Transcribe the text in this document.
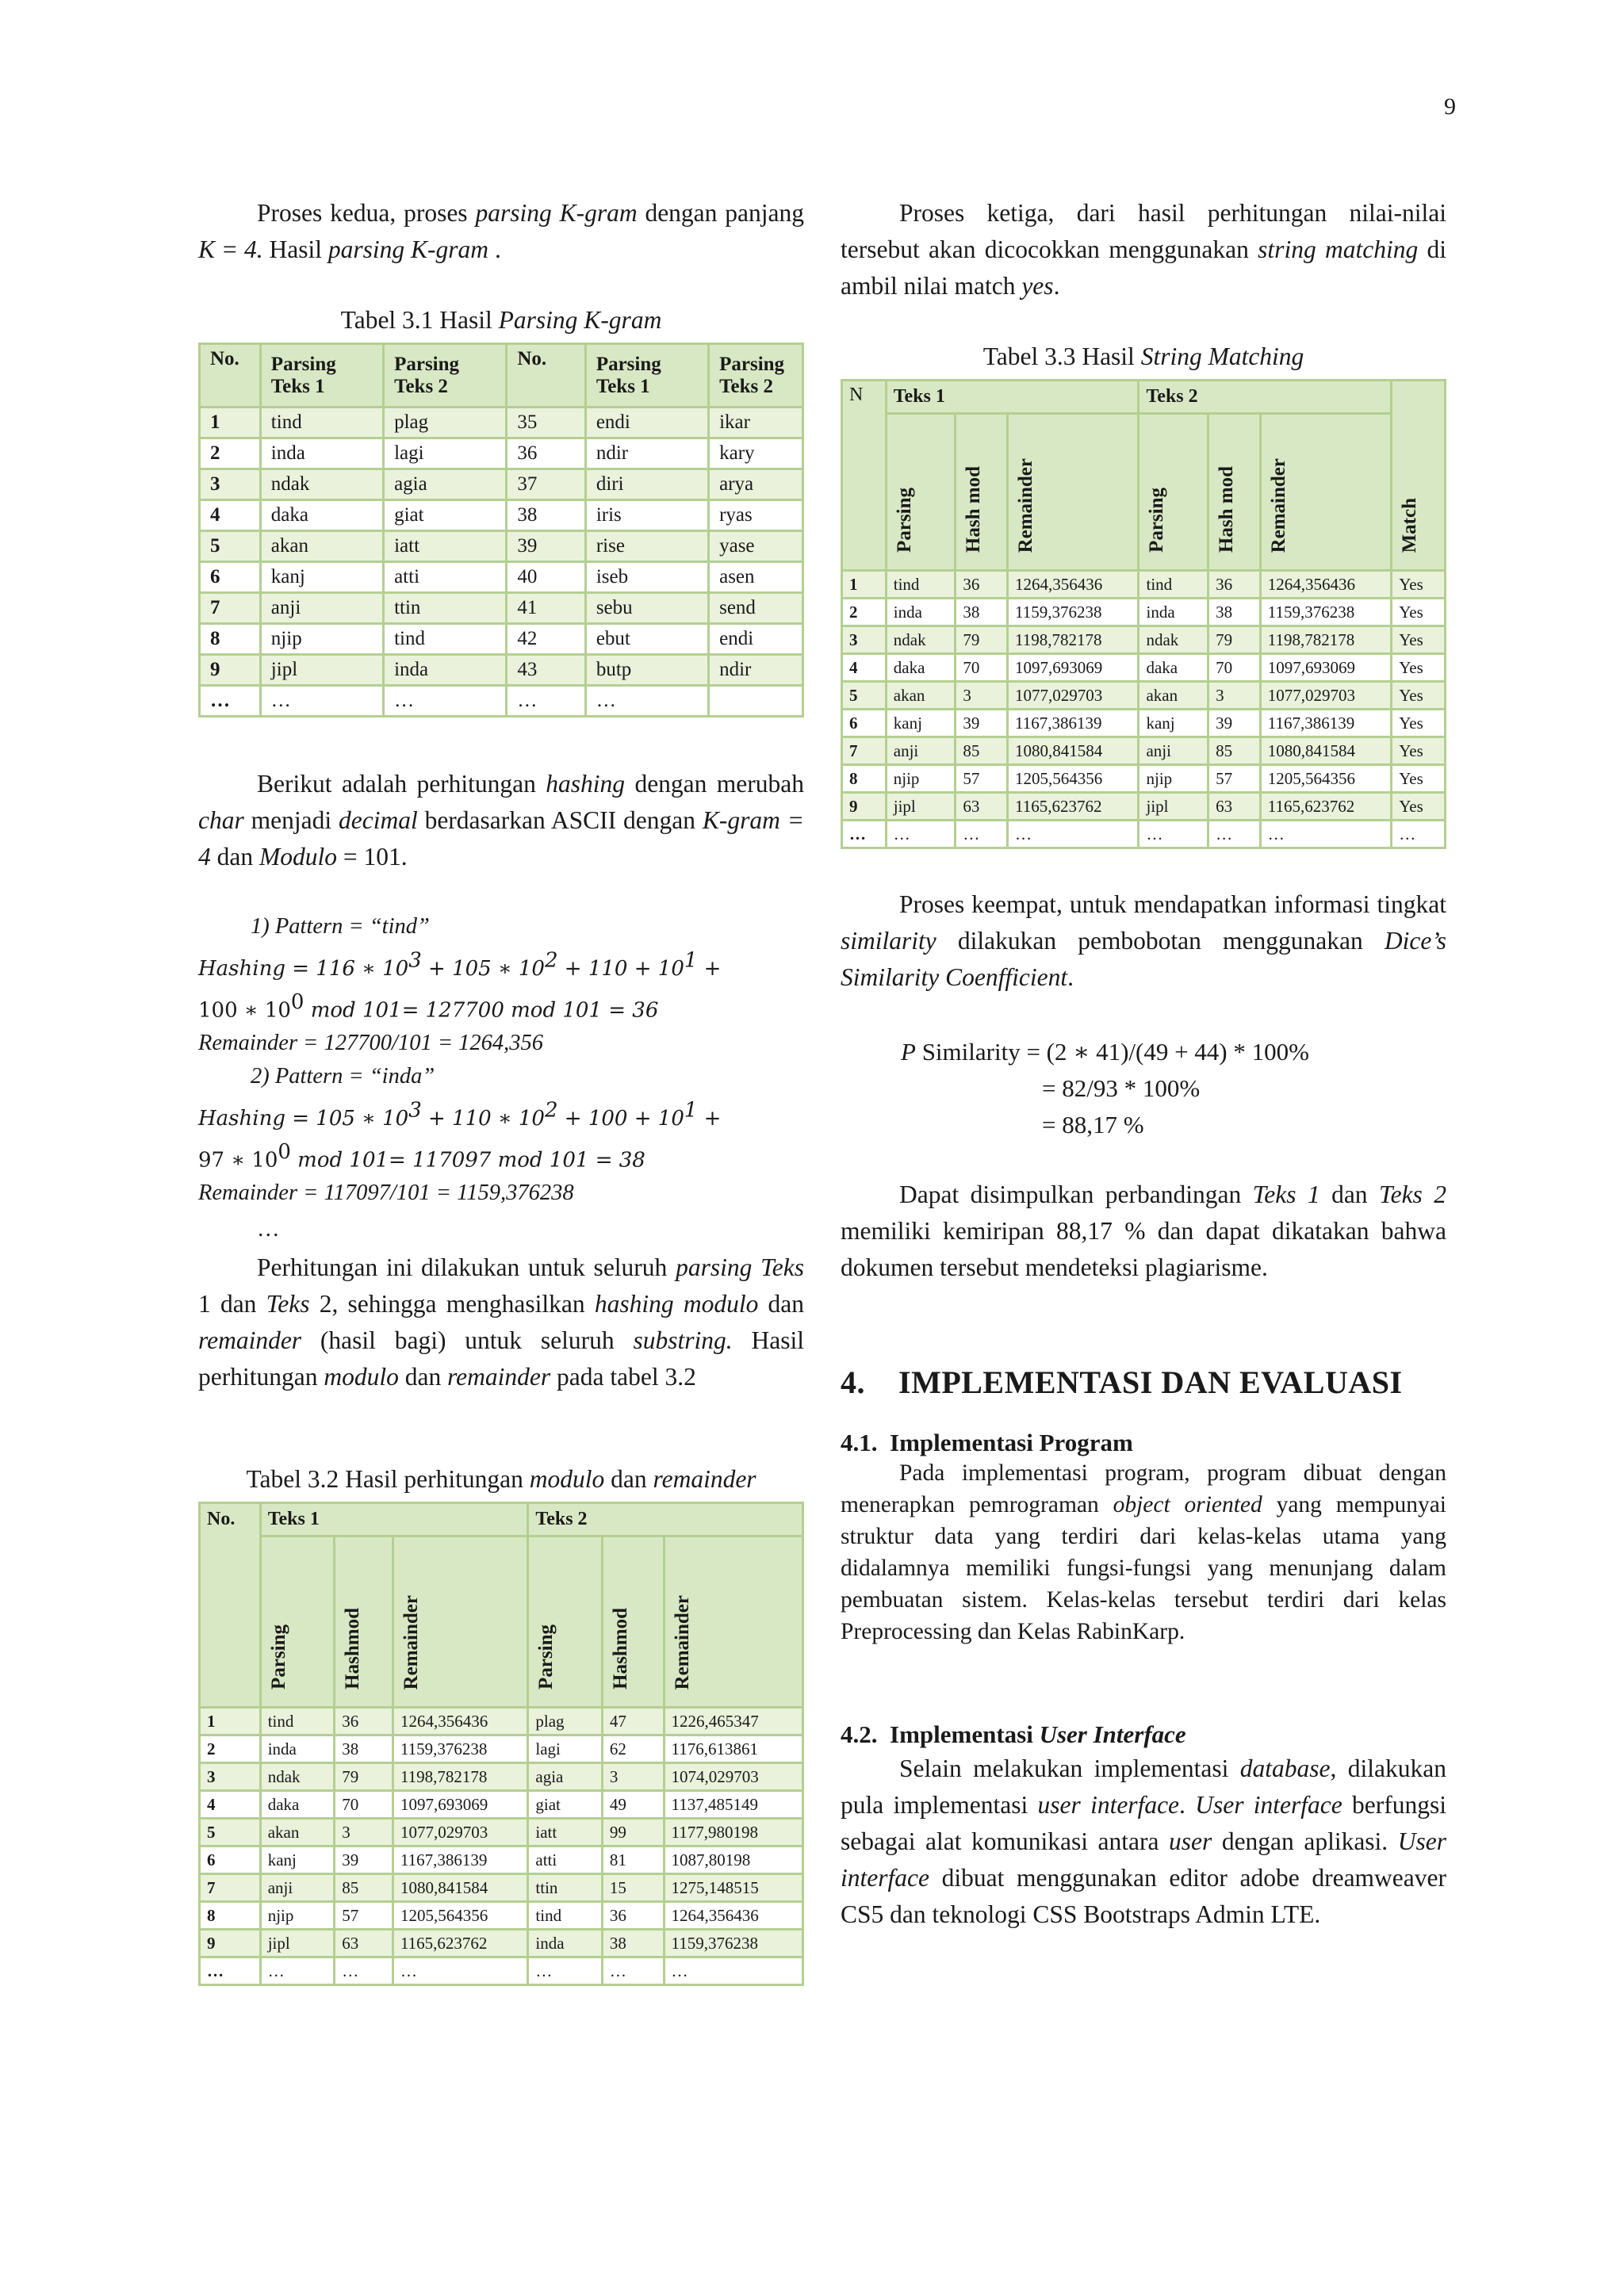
9

Proses kedua, proses parsing K-gram dengan panjang K = 4. Hasil parsing K-gram .

Tabel 3.1 Hasil Parsing K-gram
No.	Parsing Teks 1	Parsing Teks 2	No.	Parsing Teks 1	Parsing Teks 2
1	tind	plag	35	endi	ikar
2	inda	lagi	36	ndir	kary
3	ndak	agia	37	diri	arya
4	daka	giat	38	iris	ryas
5	akan	iatt	39	rise	yase
6	kanj	atti	40	iseb	asen
7	anji	ttin	41	sebu	send
8	njip	tind	42	ebut	endi
9	jipl	inda	43	butp	ndir
…	…	…	…	…	

Berikut adalah perhitungan hashing dengan merubah char menjadi decimal berdasarkan ASCII dengan K-gram = 4 dan Modulo = 101.

1) Pattern = “tind”
Hashing = 116 ∗ $10^3 + 105$ ∗ $10^2 + 110 + 10^1$ +
100 ∗ $10^0$ mod 101= 127700 mod 101 = 36
Remainder = 127700/101 = 1264,356
2) Pattern = “inda”
Hashing = 105 ∗ $10^3 + 110$ ∗ $10^2 + 100 + 10^1$ +
97 ∗ $10^0$ mod 101= 117097 mod 101 = 38
Remainder = 117097/101 = 1159,376238
…

Perhitungan ini dilakukan untuk seluruh parsing Teks 1 dan Teks 2, sehingga menghasilkan hashing modulo dan remainder (hasil bagi) untuk seluruh substring. Hasil perhitungan modulo dan remainder pada tabel 3.2

Tabel 3.2 Hasil perhitungan modulo dan remainder
No.	Teks 1			Teks 2		
	Parsing	Hashmod	Remainder	Parsing	Hashmod	Remainder
1	tind	36	1264,356436	plag	47	1226,465347
2	inda	38	1159,376238	lagi	62	1176,613861
3	ndak	79	1198,782178	agia	3	1074,029703
4	daka	70	1097,693069	giat	49	1137,485149
5	akan	3	1077,029703	iatt	99	1177,980198
6	kanj	39	1167,386139	atti	81	1087,80198
7	anji	85	1080,841584	ttin	15	1275,148515
8	njip	57	1205,564356	tind	36	1264,356436
9	jipl	63	1165,623762	inda	38	1159,376238
…	…	…	…	…	…	…

Proses ketiga, dari hasil perhitungan nilai-nilai tersebut akan dicocokkan menggunakan string matching di ambil nilai match yes.

Tabel 3.3 Hasil String Matching
N	Teks 1			Teks 2			Match
	Parsing	Hash mod	Remainder	Parsing	Hash mod	Remainder	
1	tind	36	1264,356436	tind	36	1264,356436	Yes
2	inda	38	1159,376238	inda	38	1159,376238	Yes
3	ndak	79	1198,782178	ndak	79	1198,782178	Yes
4	daka	70	1097,693069	daka	70	1097,693069	Yes
5	akan	3	1077,029703	akan	3	1077,029703	Yes
6	kanj	39	1167,386139	kanj	39	1167,386139	Yes
7	anji	85	1080,841584	anji	85	1080,841584	Yes
8	njip	57	1205,564356	njip	57	1205,564356	Yes
9	jipl	63	1165,623762	jipl	63	1165,623762	Yes
…	…	…	…	…	…	…	…

Proses keempat, untuk mendapatkan informasi tingkat similarity dilakukan pembobotan menggunakan Dice’s Similarity Coenfficient.

P Similarity = (2 ∗ 41)/(49 + 44) * 100%
= 82/93 * 100%
= 88,17 %

Dapat disimpulkan perbandingan Teks 1 dan Teks 2 memiliki kemiripan 88,17 % dan dapat dikatakan bahwa dokumen tersebut mendeteksi plagiarisme.

4.    IMPLEMENTASI DAN EVALUASI
4.1.  Implementasi Program

Pada implementasi program, program dibuat dengan menerapkan pemrograman object oriented yang mempunyai struktur data yang terdiri dari kelas-kelas utama yang didalamnya memiliki fungsi-fungsi yang menunjang dalam pembuatan sistem. Kelas-kelas tersebut terdiri dari kelas Preprocessing dan Kelas RabinKarp.

4.2.  Implementasi User Interface

Selain melakukan implementasi database, dilakukan pula implementasi user interface. User interface berfungsi sebagai alat komunikasi antara user dengan aplikasi. User interface dibuat menggunakan editor adobe dreamweaver CS5 dan teknologi CSS Bootstraps Admin LTE.
